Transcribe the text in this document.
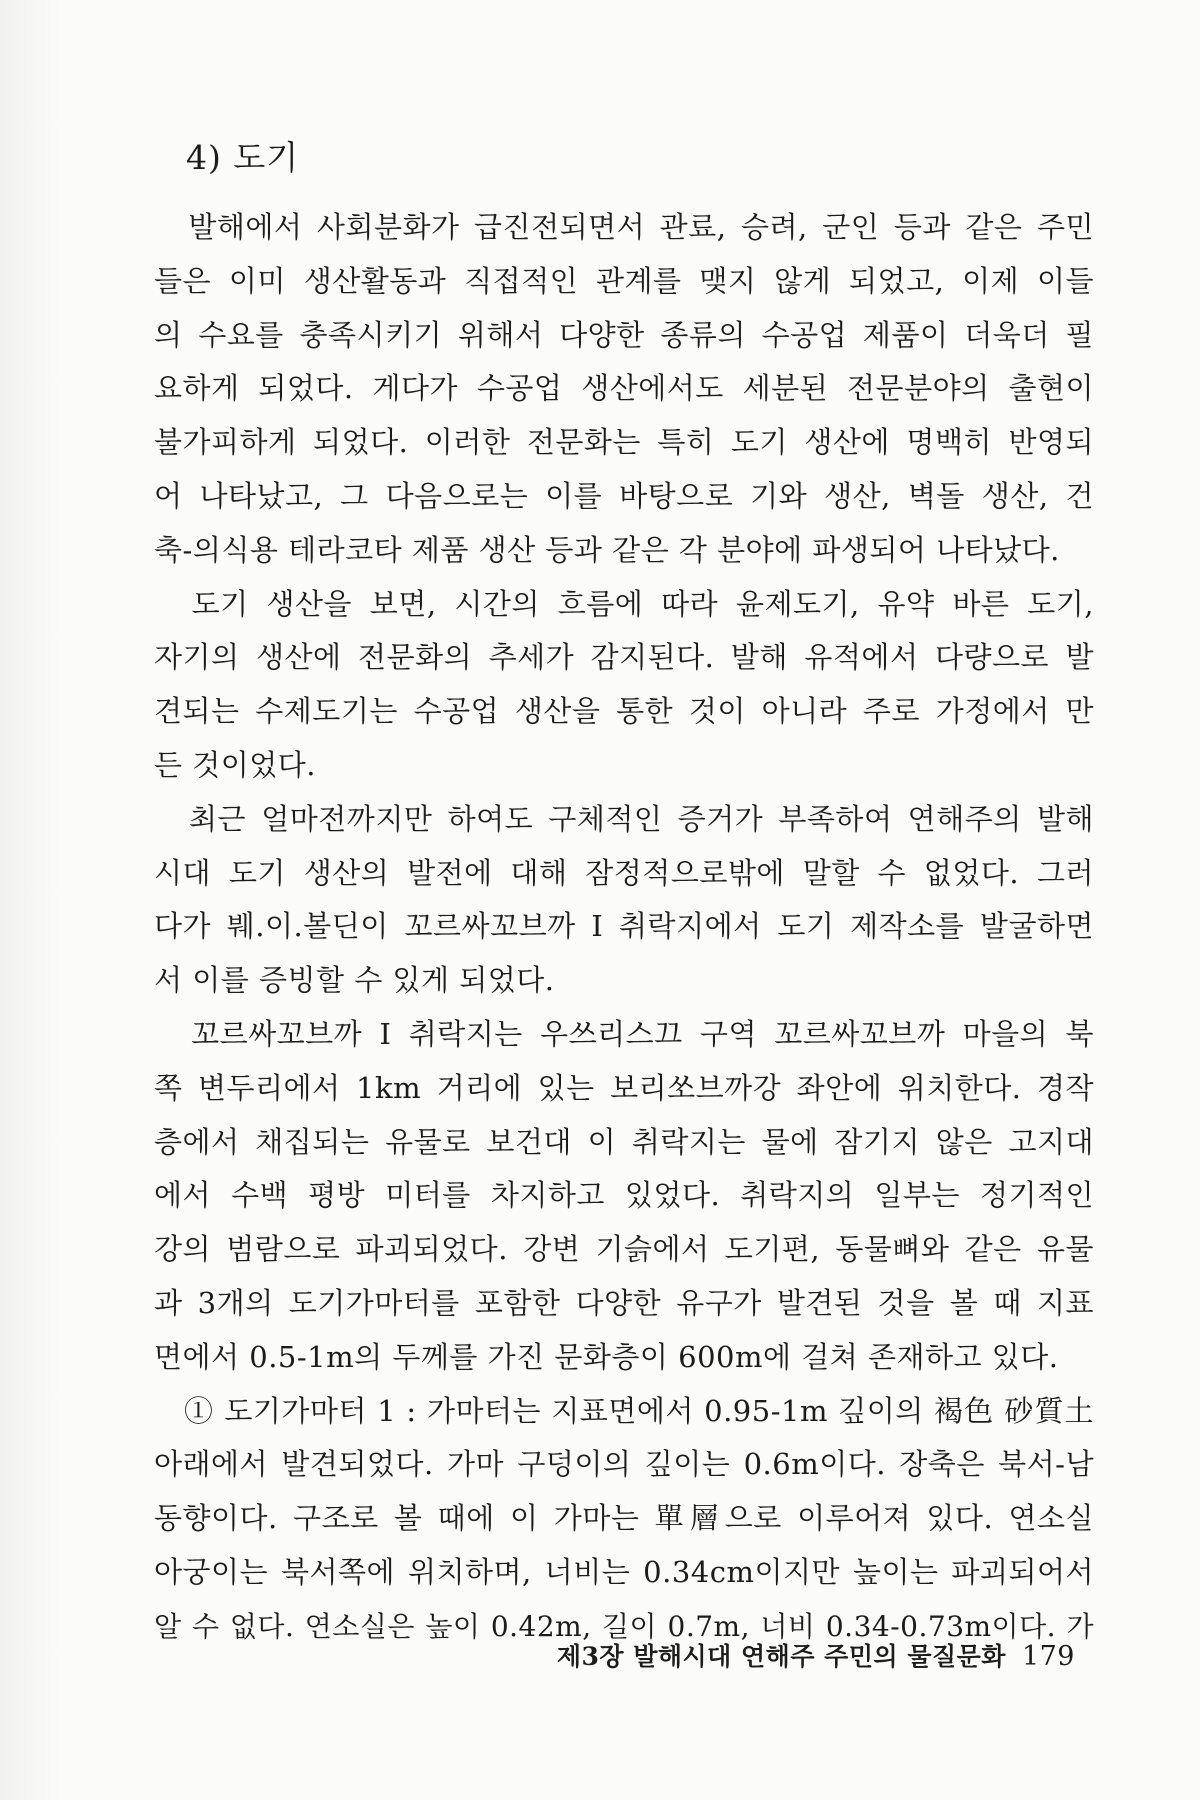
4) 도기
　발해에서 사회분화가 급진전되면서 관료, 승려, 군인 등과 같은 주민
들은 이미 생산활동과 직접적인 관계를 맺지 않게 되었고, 이제 이들
의 수요를 충족시키기 위해서 다양한 종류의 수공업 제품이 더욱더 필
요하게 되었다. 게다가 수공업 생산에서도 세분된 전문분야의 출현이
불가피하게 되었다. 이러한 전문화는 특히 도기 생산에 명백히 반영되
어 나타났고, 그 다음으로는 이를 바탕으로 기와 생산, 벽돌 생산, 건
축-의식용 테라코타 제품 생산 등과 같은 각 분야에 파생되어 나타났다.
　도기 생산을 보면, 시간의 흐름에 따라 윤제도기, 유약 바른 도기,
자기의 생산에 전문화의 추세가 감지된다. 발해 유적에서 다량으로 발
견되는 수제도기는 수공업 생산을 통한 것이 아니라 주로 가정에서 만
든 것이었다.
　최근 얼마전까지만 하여도 구체적인 증거가 부족하여 연해주의 발해
시대 도기 생산의 발전에 대해 잠정적으로밖에 말할 수 없었다. 그러
다가 붸.이.볼딘이 꼬르싸꼬브까 I 취락지에서 도기 제작소를 발굴하면
서 이를 증빙할 수 있게 되었다.
　꼬르싸꼬브까 I 취락지는 우쓰리스끄 구역 꼬르싸꼬브까 마을의 북
쪽 변두리에서 1km 거리에 있는 보리쏘브까강 좌안에 위치한다. 경작
층에서 채집되는 유물로 보건대 이 취락지는 물에 잠기지 않은 고지대
에서 수백 평방 미터를 차지하고 있었다. 취락지의 일부는 정기적인
강의 범람으로 파괴되었다. 강변 기슭에서 도기편, 동물뼈와 같은 유물
과 3개의 도기가마터를 포함한 다양한 유구가 발견된 것을 볼 때 지표
면에서 0.5-1m의 두께를 가진 문화층이 600m에 걸쳐 존재하고 있다.
　① 도기가마터 1 : 가마터는 지표면에서 0.95-1m 깊이의 褐色 砂質土
아래에서 발견되었다. 가마 구덩이의 깊이는 0.6m이다. 장축은 북서-남
동향이다. 구조로 볼 때에 이 가마는 單層으로 이루어져 있다. 연소실
아궁이는 북서쪽에 위치하며, 너비는 0.34cm이지만 높이는 파괴되어서
알 수 없다. 연소실은 높이 0.42m, 길이 0.7m, 너비 0.34-0.73m이다. 가
제3장 발해시대 연해주 주민의 물질문화 179
